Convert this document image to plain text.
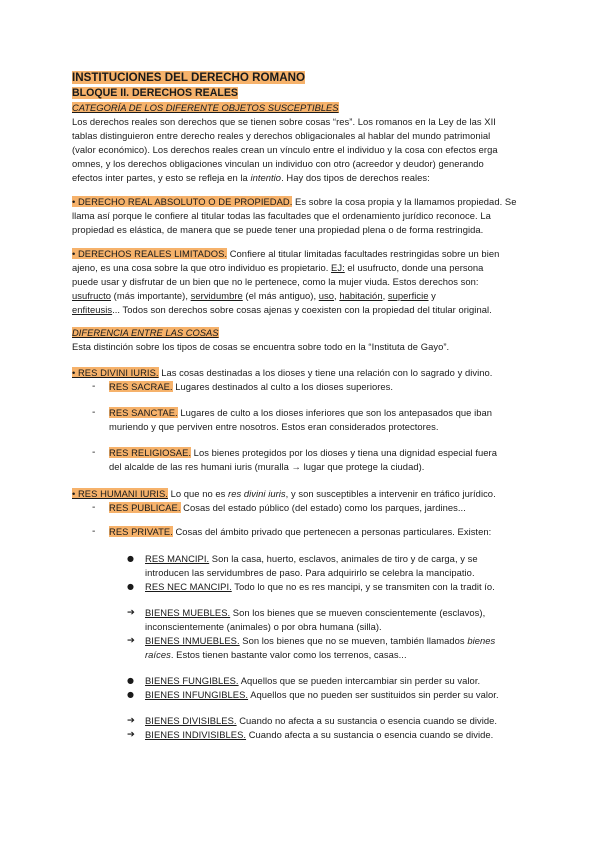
INSTITUCIONES DEL DERECHO ROMANO
BLOQUE II. DERECHOS REALES
CATEGORÍA DE LOS DIFERENTE OBJETOS SUSCEPTIBLES
Los derechos reales son derechos que se tienen sobre cosas “res”. Los romanos en la Ley de las XII
tablas distinguieron entre derecho reales y derechos obligacionales al hablar del mundo patrimonial
(valor económico). Los derechos reales crean un vínculo entre el individuo y la cosa con efectos erga
omnes, y los derechos obligaciones vinculan un individuo con otro (acreedor y deudor) generando
efectos inter partes, y esto se refleja en la intentio. Hay dos tipos de derechos reales:
• DERECHO REAL ABSOLUTO O DE PROPIEDAD. Es sobre la cosa propia y la llamamos propiedad. Se
llama así porque le confiere al titular todas las facultades que el ordenamiento jurídico reconoce. La
propiedad es elástica, de manera que se puede tener una propiedad plena o de forma restringida.
• DERECHOS REALES LIMITADOS. Confiere al titular limitadas facultades restringidas sobre un bien
ajeno, es una cosa sobre la que otro individuo es propietario. EJ: el usufructo, donde una persona
puede usar y disfrutar de un bien que no le pertenece, como la mujer viuda. Estos derechos son:
usufructo (más importante), servidumbre (el más antiguo), uso, habitación, superficie y
enfiteusis... Todos son derechos sobre cosas ajenas y coexisten con la propiedad del titular original.
DIFERENCIA ENTRE LAS COSAS
Esta distinción sobre los tipos de cosas se encuentra sobre todo en la “Instituta de Gayo”.
• RES DIVINI IURIS. Las cosas destinadas a los dioses y tiene una relación con lo sagrado y divino.
- RES SACRAE. Lugares destinados al culto a los dioses superiores.
- RES SANCTAE. Lugares de culto a los dioses inferiores que son los antepasados que iban
muriendo y que perviven entre nosotros. Estos eran considerados protectores.
- RES RELIGIOSAE. Los bienes protegidos por los dioses y tiena una dignidad especial fuera
del alcalde de las res humani iuris (muralla → lugar que protege la ciudad).
• RES HUMANI IURIS. Lo que no es res divini iuris, y son susceptibles a intervenir en tráfico jurídico.
- RES PUBLICAE. Cosas del estado público (del estado) como los parques, jardines...
- RES PRIVATE. Cosas del ámbito privado que pertenecen a personas particulares. Existen:
● RES MANCIPI. Son la casa, huerto, esclavos, animales de tiro y de carga, y se
introducen las servidumbres de paso. Para adquirirlo se celebra la mancipatio.
● RES NEC MANCIPI. Todo lo que no es res mancipi, y se transmiten con la tradit ío.
➔ BIENES MUEBLES. Son los bienes que se mueven conscientemente (esclavos),
inconscientemente (animales) o por obra humana (silla).
➔ BIENES INMUEBLES. Son los bienes que no se mueven, también llamados bienes
raíces. Estos tienen bastante valor como los terrenos, casas...
● BIENES FUNGIBLES. Aquellos que se pueden intercambiar sin perder su valor.
● BIENES INFUNGIBLES. Aquellos que no pueden ser sustituidos sin perder su valor.
➔ BIENES DIVISIBLES. Cuando no afecta a su sustancia o esencia cuando se divide.
➔ BIENES INDIVISIBLES. Cuando afecta a su sustancia o esencia cuando se divide.
